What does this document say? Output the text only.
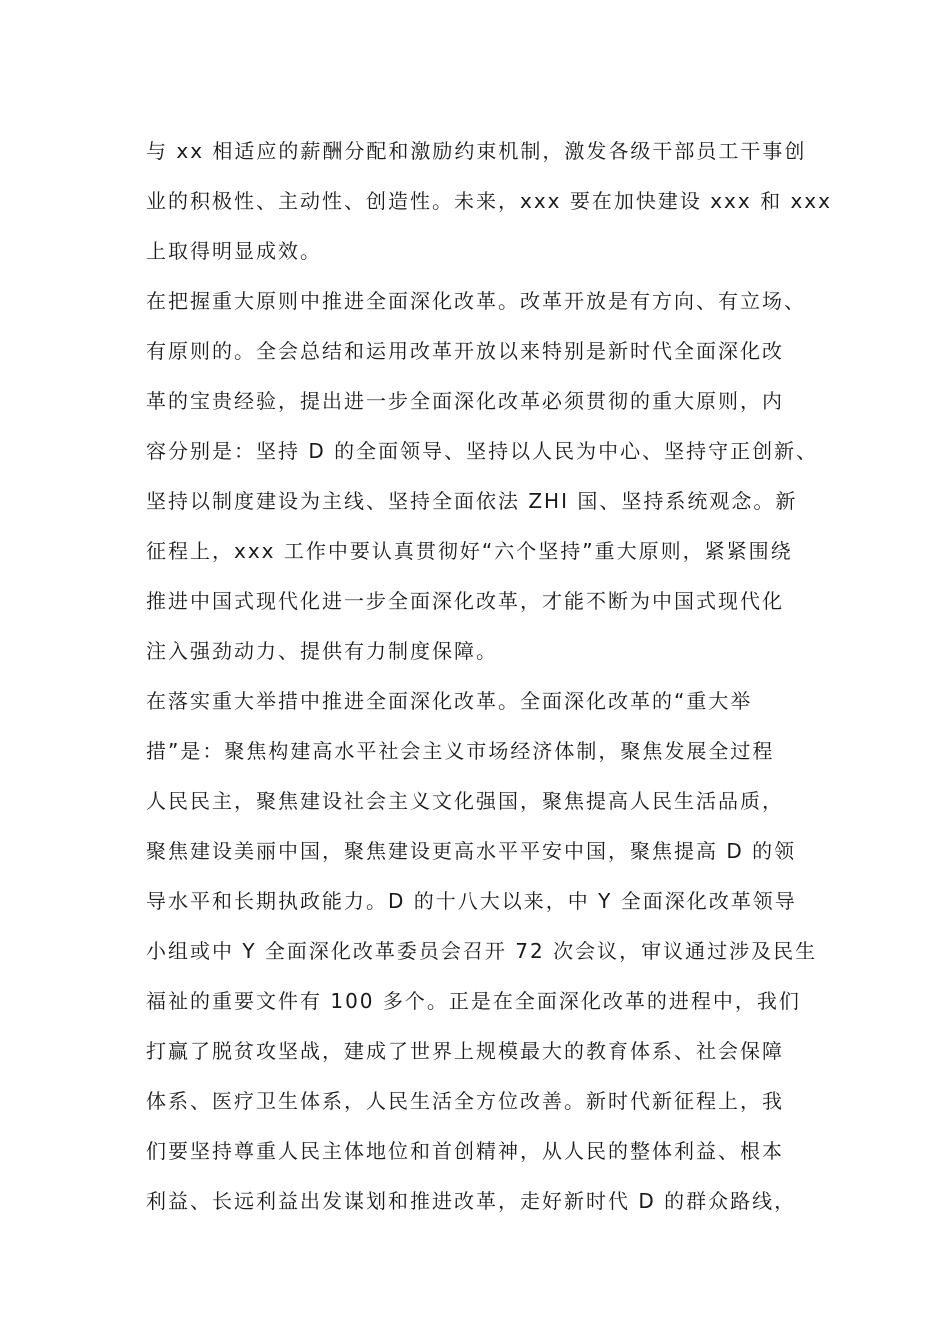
与 xx 相适应的薪酬分配和激励约束机制，激发各级干部员工干事创
业的积极性、主动性、创造性。未来，xxx 要在加快建设 xxx 和 xxx
上取得明显成效。
在把握重大原则中推进全面深化改革。改革开放是有方向、有立场、
有原则的。全会总结和运用改革开放以来特别是新时代全面深化改
革的宝贵经验，提出进一步全面深化改革必须贯彻的重大原则，内
容分别是：坚持 D 的全面领导、坚持以人民为中心、坚持守正创新、
坚持以制度建设为主线、坚持全面依法 ZHI 国、坚持系统观念。新
征程上，xxx 工作中要认真贯彻好“六个坚持”重大原则，紧紧围绕
推进中国式现代化进一步全面深化改革，才能不断为中国式现代化
注入强劲动力、提供有力制度保障。
在落实重大举措中推进全面深化改革。全面深化改革的“重大举
措”是：聚焦构建高水平社会主义市场经济体制，聚焦发展全过程
人民民主，聚焦建设社会主义文化强国，聚焦提高人民生活品质，
聚焦建设美丽中国，聚焦建设更高水平平安中国，聚焦提高 D 的领
导水平和长期执政能力。D 的十八大以来，中 Y 全面深化改革领导
小组或中 Y 全面深化改革委员会召开 72 次会议，审议通过涉及民生
福祉的重要文件有 100 多个。正是在全面深化改革的进程中，我们
打赢了脱贫攻坚战，建成了世界上规模最大的教育体系、社会保障
体系、医疗卫生体系，人民生活全方位改善。新时代新征程上，我
们要坚持尊重人民主体地位和首创精神，从人民的整体利益、根本
利益、长远利益出发谋划和推进改革，走好新时代 D 的群众路线，
